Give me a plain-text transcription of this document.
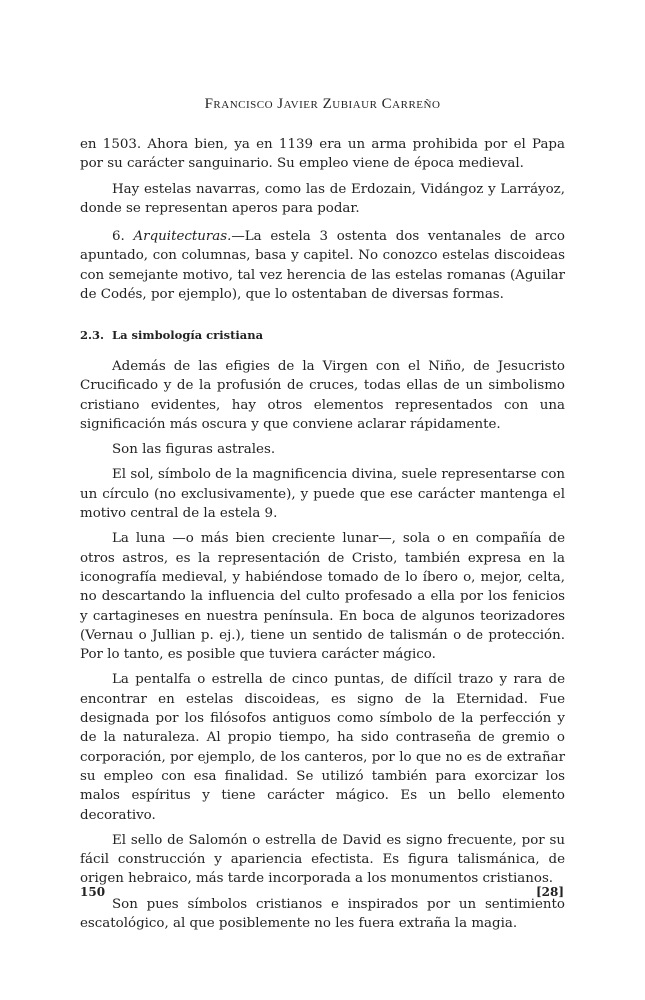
Francisco Javier Zubiaur Carreño

en 1503. Ahora bien, ya en 1139 era un arma prohibida por el Papa por su carácter sanguinario. Su empleo viene de época medieval.

Hay estelas navarras, como las de Erdozain, Vidángoz y Larráyoz, donde se representan aperos para podar.

6. Arquitecturas.—La estela 3 ostenta dos ventanales de arco apuntado, con columnas, basa y capitel. No conozco estelas discoideas con semejante motivo, tal vez herencia de las estelas romanas (Aguilar de Codés, por ejemplo), que lo ostentaban de diversas formas.

2.3. La simbología cristiana

Además de las efigies de la Virgen con el Niño, de Jesucristo Crucificado y de la profusión de cruces, todas ellas de un simbolismo cristiano evidentes, hay otros elementos representados con una significación más oscura y que conviene aclarar rápidamente.

Son las figuras astrales.

El sol, símbolo de la magnificencia divina, suele representarse con un círculo (no exclusivamente), y puede que ese carácter mantenga el motivo central de la estela 9.

La luna —o más bien creciente lunar—, sola o en compañía de otros astros, es la representación de Cristo, también expresa en la iconografía medieval, y habiéndose tomado de lo íbero o, mejor, celta, no descartando la influencia del culto profesado a ella por los fenicios y cartagineses en nuestra península. En boca de algunos teorizadores (Vernau o Jullian p. ej.), tiene un sentido de talismán o de protección. Por lo tanto, es posible que tuviera carácter mágico.

La pentalfa o estrella de cinco puntas, de difícil trazo y rara de encontrar en estelas discoideas, es signo de la Eternidad. Fue designada por los filósofos antiguos como símbolo de la perfección y de la naturaleza. Al propio tiempo, ha sido contraseña de gremio o corporación, por ejemplo, de los canteros, por lo que no es de extrañar su empleo con esa finalidad. Se utilizó también para exorcizar los malos espíritus y tiene carácter mágico. Es un bello elemento decorativo.

El sello de Salomón o estrella de David es signo frecuente, por su fácil construcción y apariencia efectista. Es figura talismánica, de origen hebraico, más tarde incorporada a los monumentos cristianos.

Son pues símbolos cristianos e inspirados por un sentimiento escatológico, al que posiblemente no les fuera extraña la magia.

150	[28]
